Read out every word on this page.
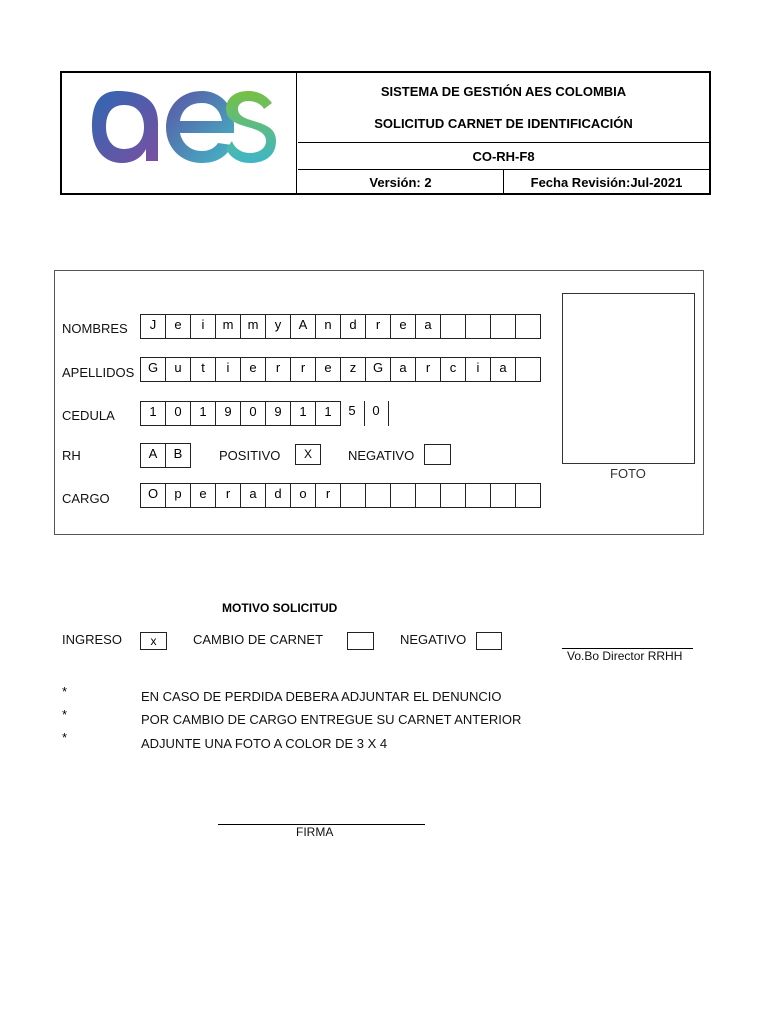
SISTEMA DE GESTIÓN AES COLOMBIA
SOLICITUD CARNET DE IDENTIFICACIÓN
CO-RH-F8
Versión: 2	Fecha Revisión:Jul-2021
NOMBRES	J	e	i	m	m	y	A	n	d	r	e	a
APELLIDOS	G	u	t	i	e	r	r	e	z	G	a	r	c	i	a
CEDULA	1	0	1	9	0	9	1	1	5	0
RH	A	B	POSITIVO	X	NEGATIVO
CARGO	O	p	e	r	a	d	o	r
FOTO
MOTIVO SOLICITUD
INGRESO	x	CAMBIO DE CARNET	NEGATIVO
Vo.Bo Director RRHH
*	EN CASO DE PERDIDA DEBERA ADJUNTAR EL DENUNCIO
*	POR CAMBIO DE CARGO ENTREGUE SU CARNET ANTERIOR
*	ADJUNTE UNA FOTO A COLOR DE 3 X 4
FIRMA
